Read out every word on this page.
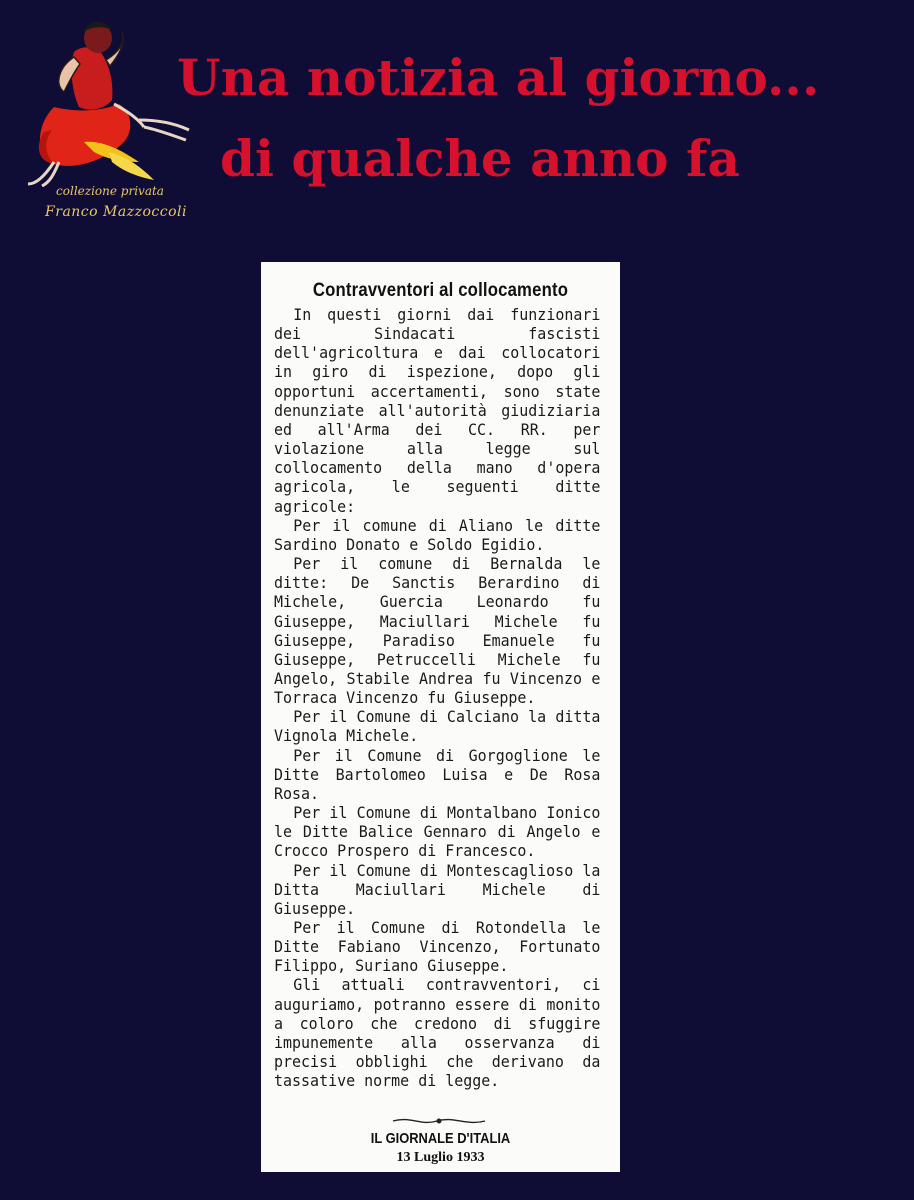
collezione privata
Franco Mazzoccoli
Una notizia al giorno...
di qualche anno fa
Contravventori al collocamento

In questi giorni dai funzionari dei Sindacati fascisti dell'agricoltura e dai collocatori in giro di ispezione, dopo gli opportuni accertamenti, sono state denunziate all'autorità giudiziaria ed all'Arma dei CC. RR. per violazione alla legge sul collocamento della mano d'opera agricola, le seguenti ditte agricole:

Per il comune di Aliano le ditte Sardino Donato e Soldo Egidio.

Per il comune di Bernalda le ditte: De Sanctis Berardino di Michele, Guercia Leonardo fu Giuseppe, Maciullari Michele fu Giuseppe, Paradiso Emanuele fu Giuseppe, Petruccelli Michele fu Angelo, Stabile Andrea fu Vincenzo e Torraca Vincenzo fu Giuseppe.

Per il Comune di Calciano la ditta Vignola Michele.

Per il Comune di Gorgoglione le Ditte Bartolomeo Luisa e De Rosa Rosa.

Per il Comune di Montalbano Ionico le Ditte Balice Gennaro di Angelo e Crocco Prospero di Francesco.

Per il Comune di Montescaglioso la Ditta Maciullari Michele di Giuseppe.

Per il Comune di Rotondella le Ditte Fabiano Vincenzo, Fortunato Filippo, Suriano Giuseppe.

Gli attuali contravventori, ci auguriamo, potranno essere di monito a coloro che credono di sfuggire impunemente alla osservanza di precisi obblighi che derivano da tassative norme di legge.

IL GIORNALE D'ITALIA
13 Luglio 1933
